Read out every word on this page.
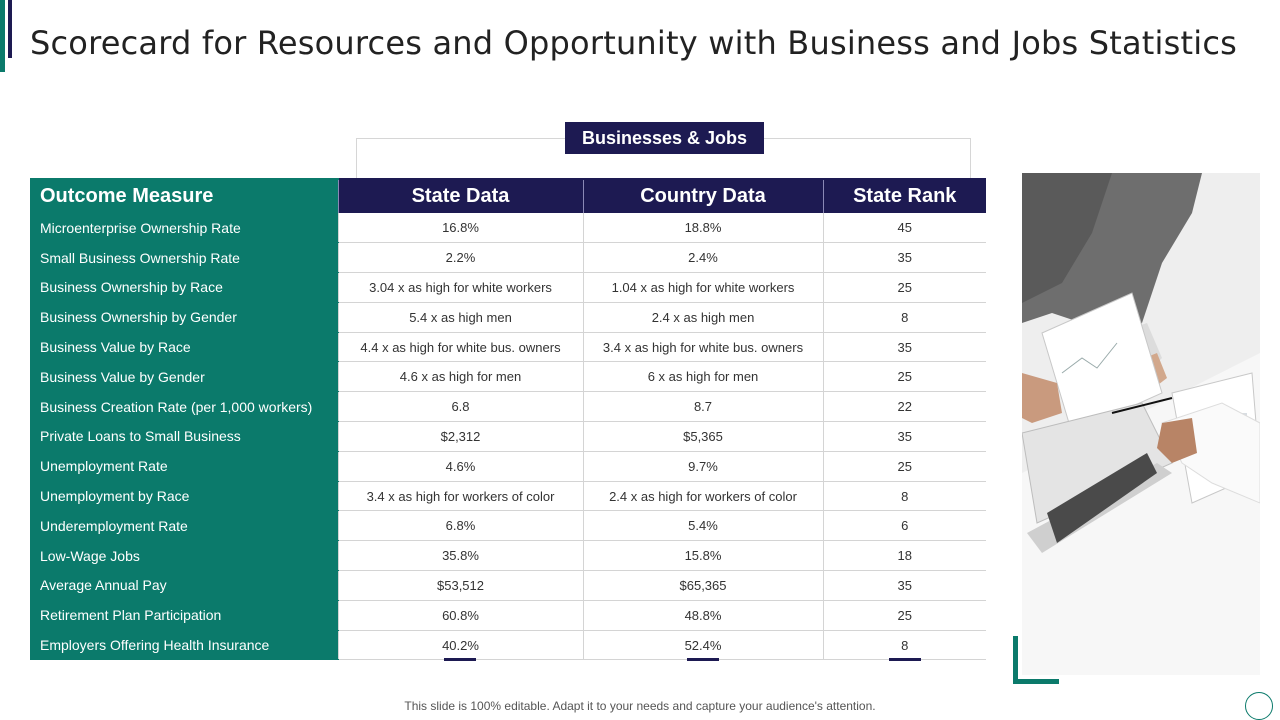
Scorecard for Resources and Opportunity with Business and Jobs Statistics
Businesses & Jobs
Outcome Measure	State Data	Country Data	State Rank
Microenterprise Ownership Rate	16.8%	18.8%	45
Small Business Ownership Rate	2.2%	2.4%	35
Business Ownership by Race	3.04 x as high for white workers	1.04 x as high for white workers	25
Business Ownership by Gender	5.4 x as high men	2.4 x as high men	8
Business Value by Race	4.4 x as high for white bus. owners	3.4 x as high for white bus. owners	35
Business Value by Gender	4.6 x as high for men	6 x as high for men	25
Business Creation Rate (per 1,000 workers)	6.8	8.7	22
Private Loans to Small Business	$2,312	$5,365	35
Unemployment Rate	4.6%	9.7%	25
Unemployment by Race	3.4 x as high for workers of color	2.4 x as high for workers of color	8
Underemployment Rate	6.8%	5.4%	6
Low-Wage Jobs	35.8%	15.8%	18
Average Annual Pay	$53,512	$65,365	35
Retirement Plan Participation	60.8%	48.8%	25
Employers Offering Health Insurance	40.2%	52.4%	8
This slide is 100% editable. Adapt it to your needs and capture your audience's attention.
